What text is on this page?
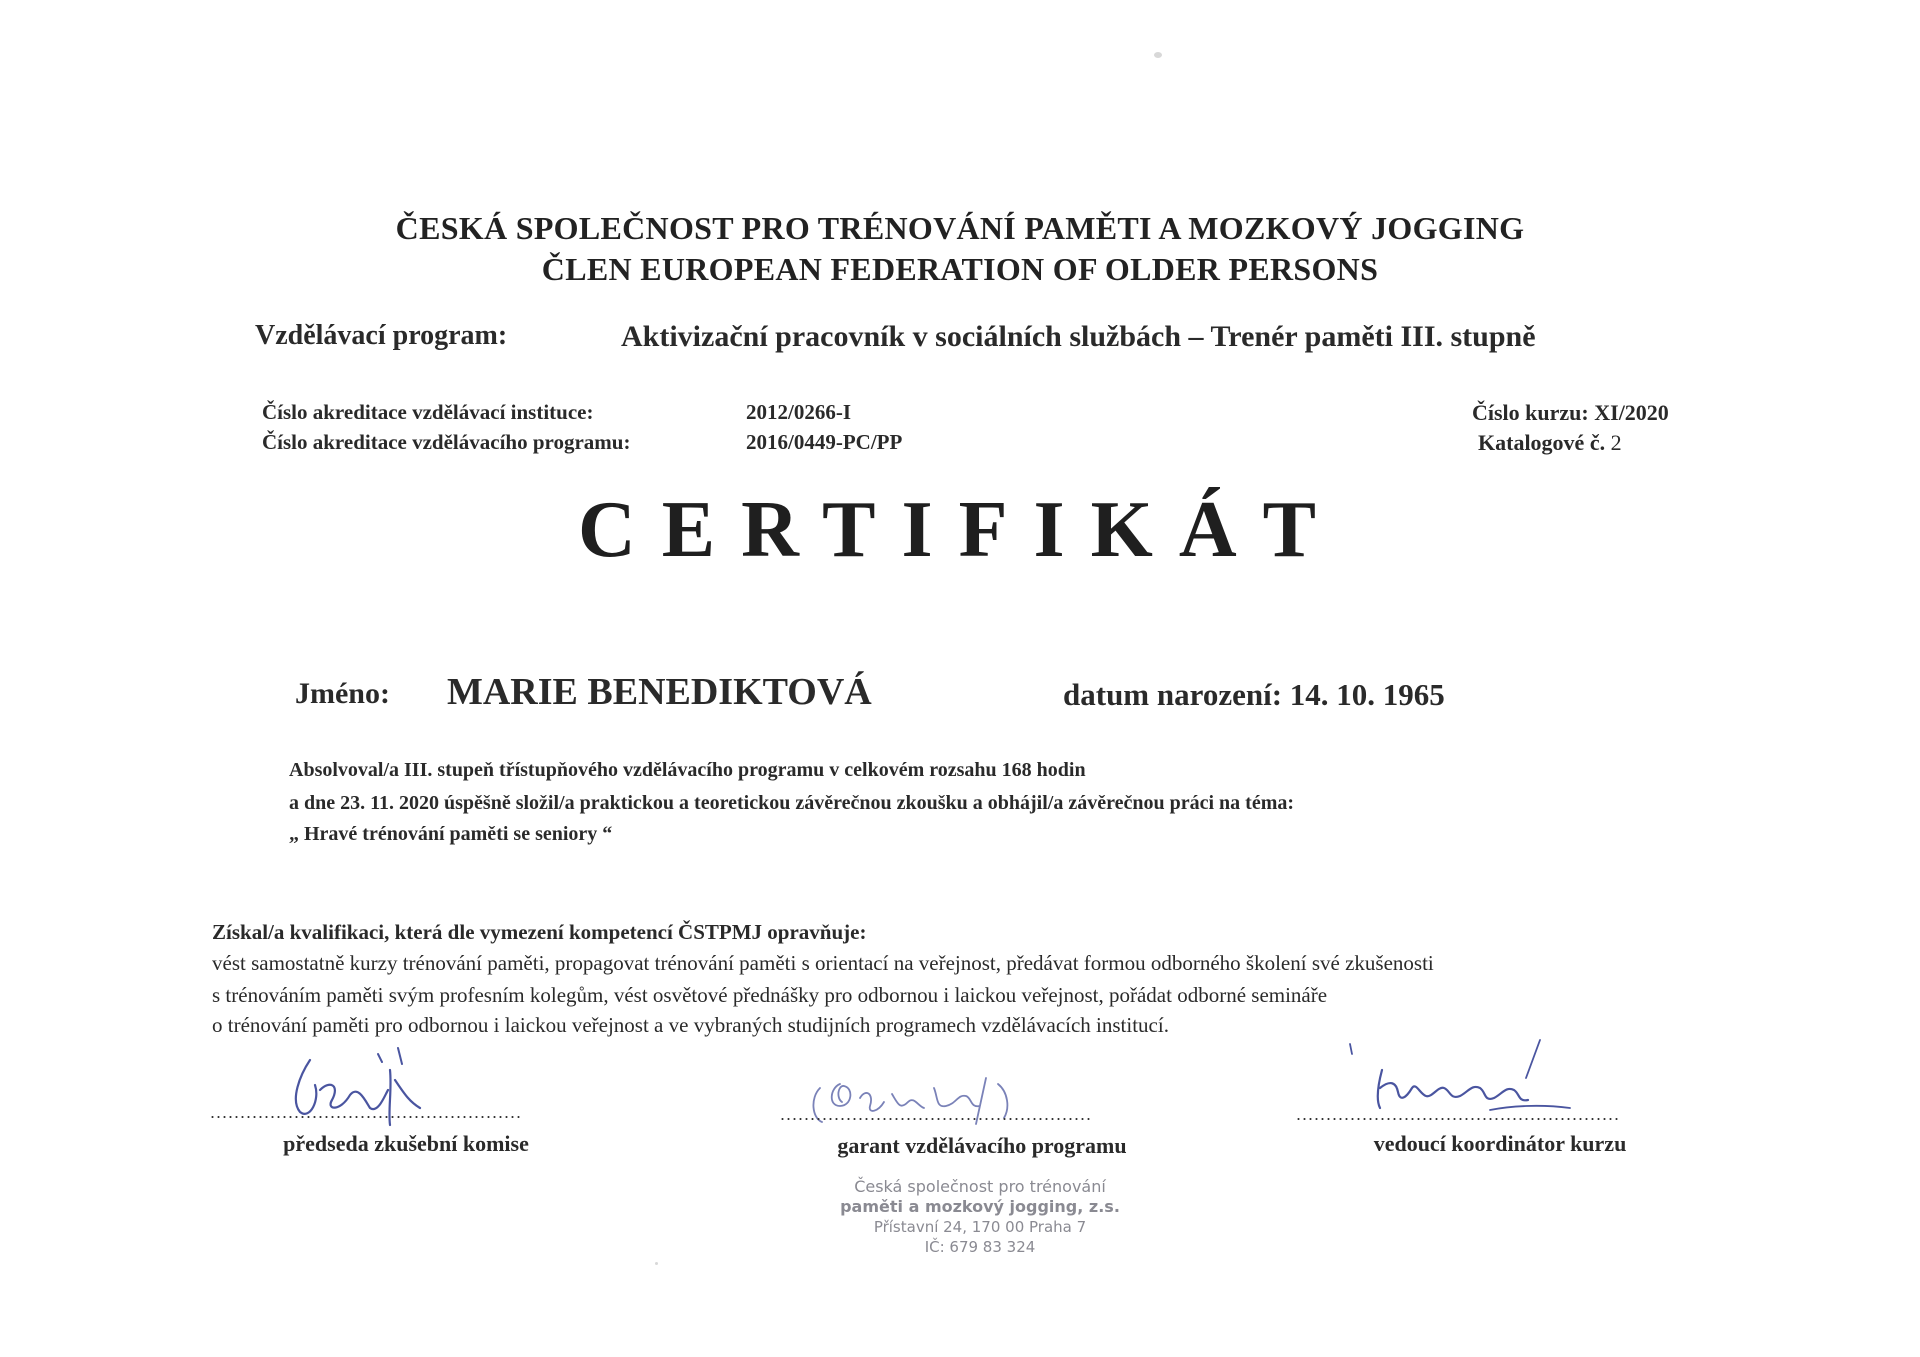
ČESKÁ SPOLEČNOST PRO TRÉNOVÁNÍ PAMĚTI A MOZKOVÝ JOGGING
ČLEN EUROPEAN FEDERATION OF OLDER PERSONS
Vzdělávací program:	Aktivizační pracovník v sociálních službách – Trenér paměti III. stupně
Číslo akreditace vzdělávací instituce:	2012/0266-I
Číslo akreditace vzdělávacího programu:	2016/0449-PC/PP
Číslo kurzu: XI/2020
Katalogové č. 2
CERTIFIKÁT
Jméno: MARIE BENEDIKTOVÁ	datum narození: 14. 10. 1965
Absolvoval/a III. stupeň třístupňového vzdělávacího programu v celkovém rozsahu 168 hodin
a dne 23. 11. 2020 úspěšně složil/a praktickou a teoretickou závěrečnou zkoušku a obhájil/a závěrečnou práci na téma:
„ Hravé trénování paměti se seniory “
Získal/a kvalifikaci, která dle vymezení kompetencí ČSTPMJ opravňuje:
vést samostatně kurzy trénování paměti, propagovat trénování paměti s orientací na veřejnost, předávat formou odborného školení své zkušenosti
s trénováním paměti svým profesním kolegům, vést osvětové přednášky pro odbornou i laickou veřejnost, pořádat odborné semináře
o trénování paměti pro odbornou i laickou veřejnost a ve vybraných studijních programech vzdělávacích institucí.
....................................................	....................................................	......................................................
předseda zkušební komise	garant vzdělávacího programu	vedoucí koordinátor kurzu
Česká společnost pro trénování
paměti a mozkový jogging, z.s.
Přístavní 24, 170 00 Praha 7
IČ: 679 83 324
